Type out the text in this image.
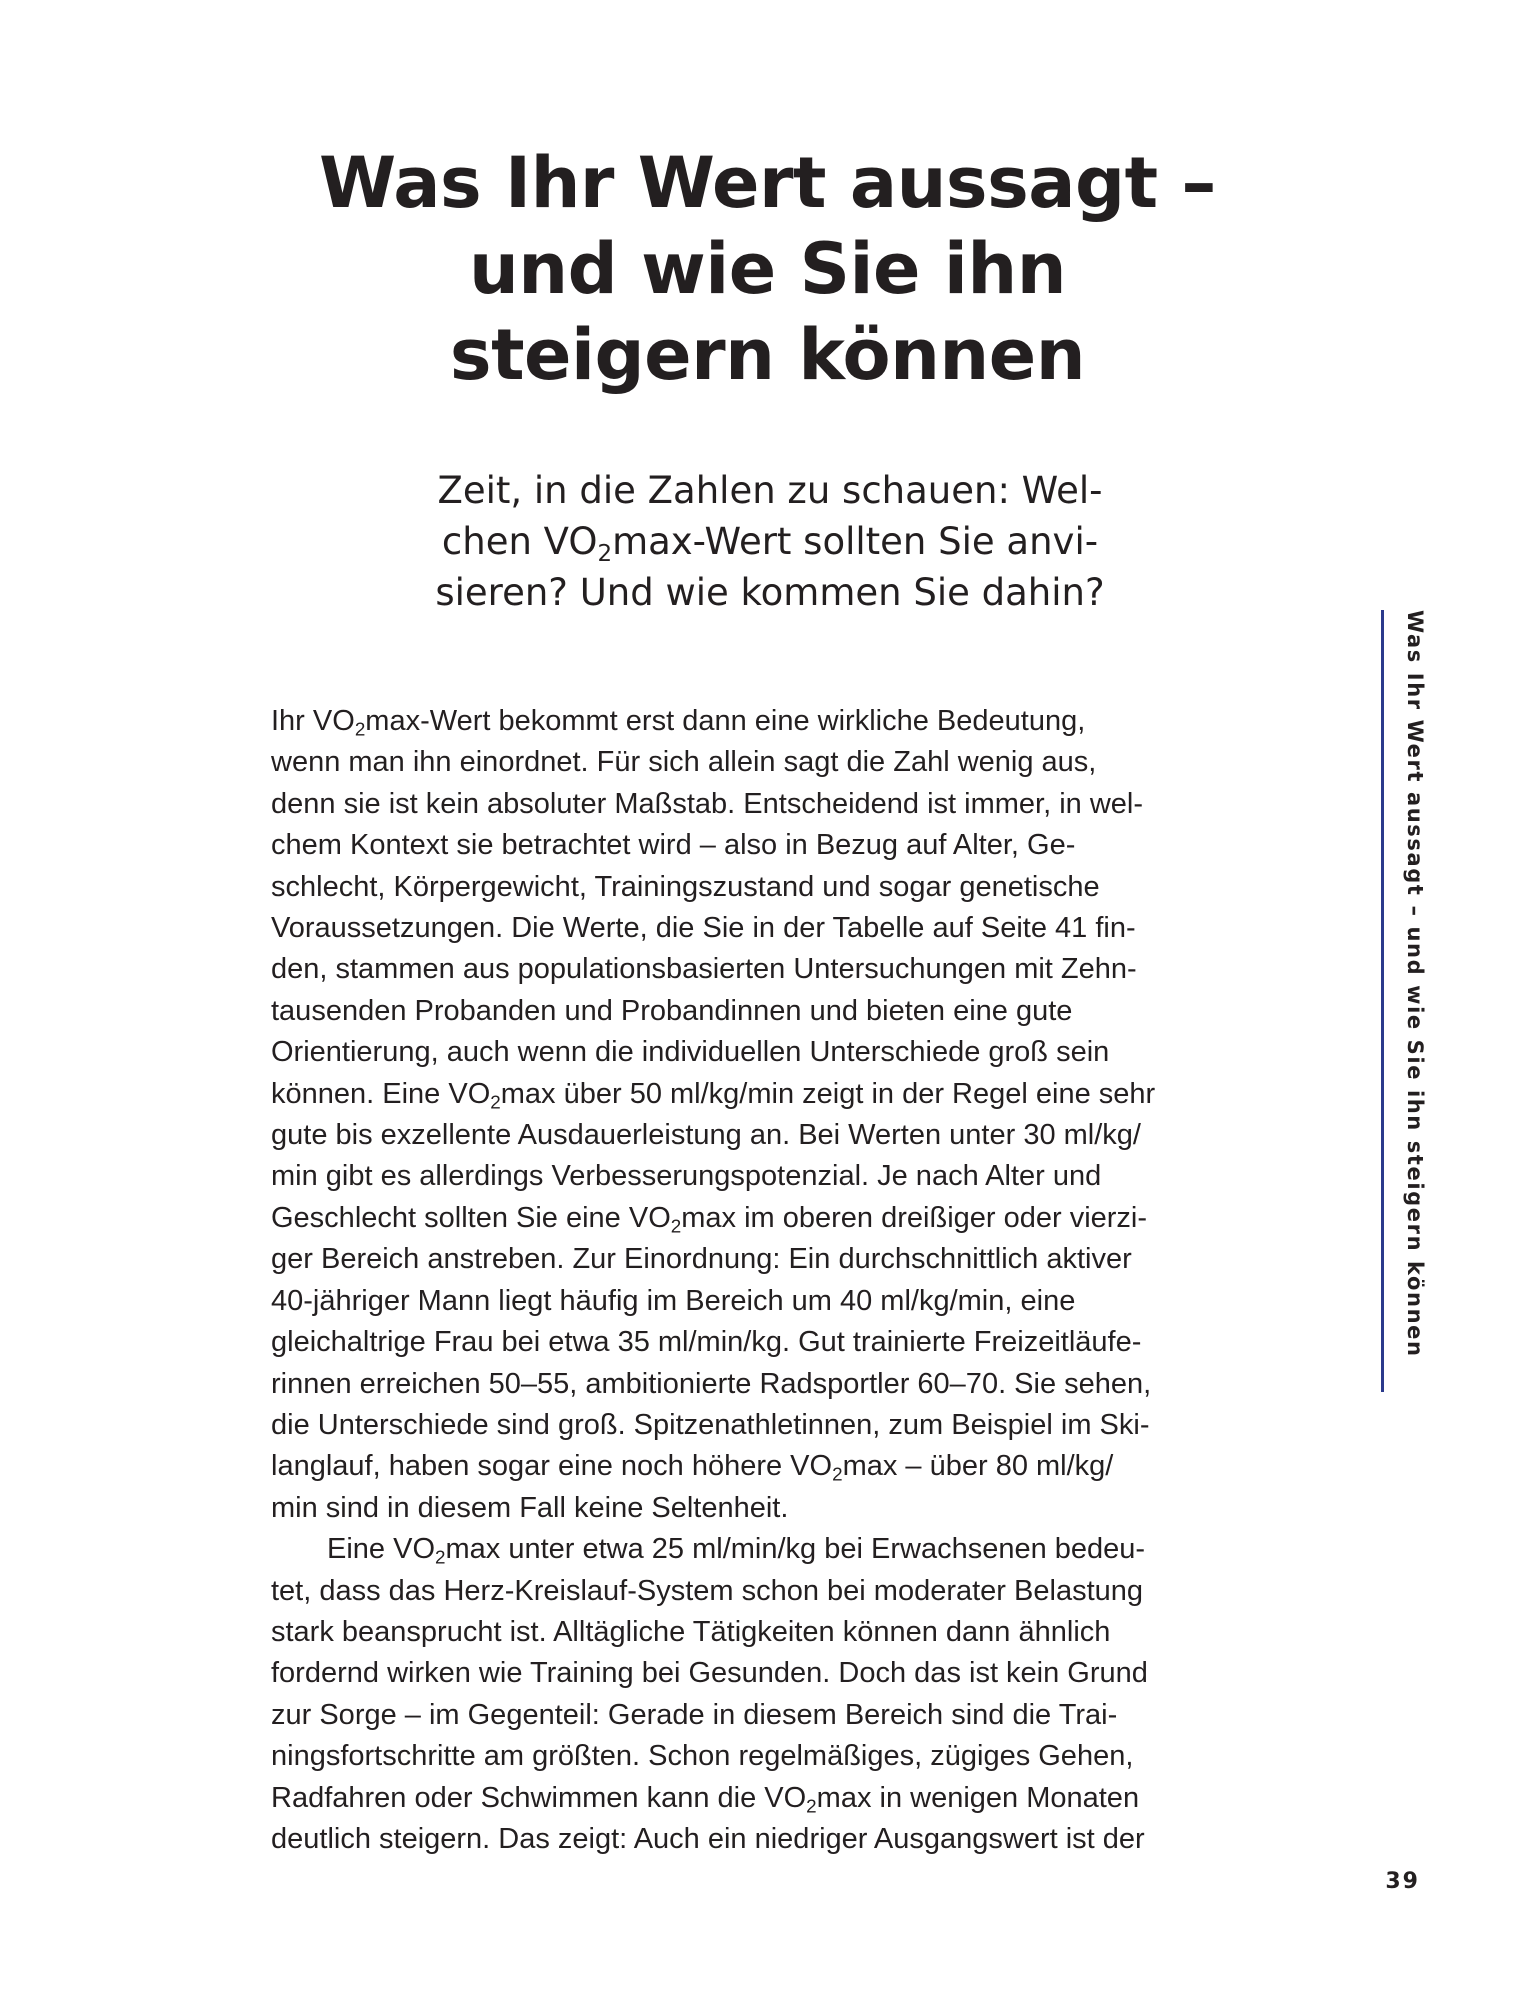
Was Ihr Wert aussagt –
und wie Sie ihn
steigern können
Zeit, in die Zahlen zu schauen: Wel-
chen $VO_2\max$-Wert sollten Sie anvi-
sieren? Und wie kommen Sie dahin?
Ihr $VO_2\max$-Wert bekommt erst dann eine wirkliche Bedeutung,
wenn man ihn einordnet. Für sich allein sagt die Zahl wenig aus,
denn sie ist kein absoluter Maßstab. Entscheidend ist immer, in wel-
chem Kontext sie betrachtet wird – also in Bezug auf Alter, Ge-
schlecht, Körpergewicht, Trainingszustand und sogar genetische
Voraussetzungen. Die Werte, die Sie in der Tabelle auf Seite 41 fin-
den, stammen aus populationsbasierten Untersuchungen mit Zehn-
tausenden Probanden und Probandinnen und bieten eine gute
Orientierung, auch wenn die individuellen Unterschiede groß sein
können. Eine $VO_2\max$ über 50 ml/kg/min zeigt in der Regel eine sehr
gute bis exzellente Ausdauerleistung an. Bei Werten unter 30 ml/kg/
min gibt es allerdings Verbesserungspotenzial. Je nach Alter und
Geschlecht sollten Sie eine $VO_2\max$ im oberen dreißiger oder vierzi-
ger Bereich anstreben. Zur Einordnung: Ein durchschnittlich aktiver
40-jähriger Mann liegt häufig im Bereich um 40 ml/kg/min, eine
gleichaltrige Frau bei etwa 35 ml/min/kg. Gut trainierte Freizeitläufe-
rinnen erreichen 50–55, ambitionierte Radsportler 60–70. Sie sehen,
die Unterschiede sind groß. Spitzenathletinnen, zum Beispiel im Ski-
langlauf, haben sogar eine noch höhere $VO_2\max$ – über 80 ml/kg/
min sind in diesem Fall keine Seltenheit.
Eine $VO_2\max$ unter etwa 25 ml/min/kg bei Erwachsenen bedeu-
tet, dass das Herz-Kreislauf-System schon bei moderater Belastung
stark beansprucht ist. Alltägliche Tätigkeiten können dann ähnlich
fordernd wirken wie Training bei Gesunden. Doch das ist kein Grund
zur Sorge – im Gegenteil: Gerade in diesem Bereich sind die Trai-
ningsfortschritte am größten. Schon regelmäßiges, zügiges Gehen,
Radfahren oder Schwimmen kann die $VO_2\max$ in wenigen Monaten
deutlich steigern. Das zeigt: Auch ein niedriger Ausgangswert ist der
Was Ihr Wert aussagt – und wie Sie ihn steigern können
39
